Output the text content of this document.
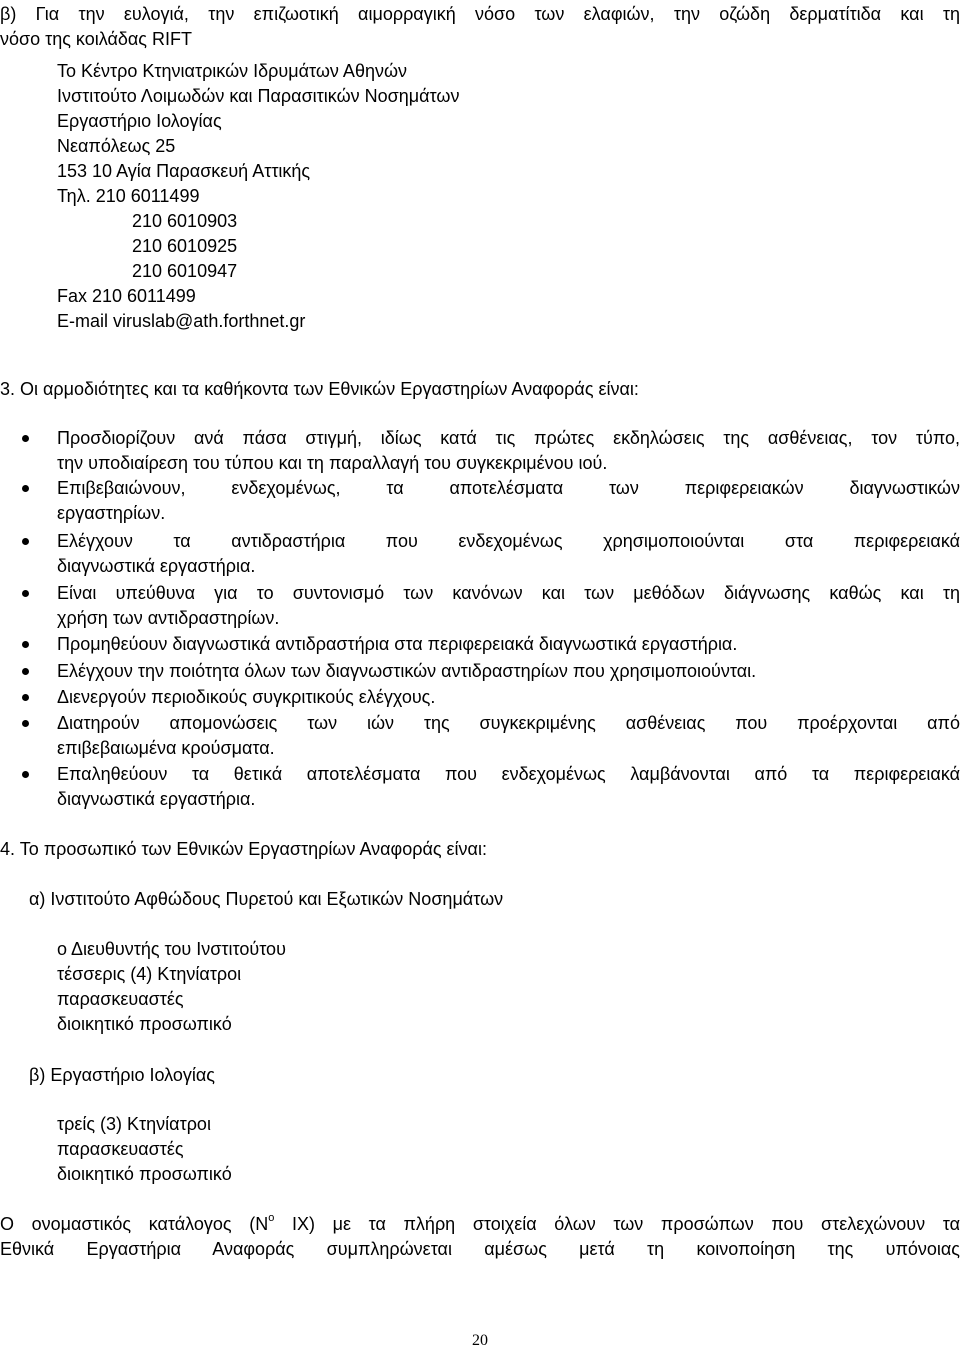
β) Για την ευλογιά, την επιζωοτική αιμορραγική νόσο των ελαφιών, την οζώδη δερματίτιδα και τη
νόσο της κοιλάδας RIFT
Το Κέντρο Κτηνιατρικών Ιδρυμάτων Αθηνών
Ινστιτούτο Λοιμωδών και Παρασιτικών Νοσημάτων
Εργαστήριο Ιολογίας
Νεαπόλεως 25
153 10 Αγία Παρασκευή Αττικής
Τηλ. 210 6011499
210 6010903
210 6010925
210 6010947
Fax 210 6011499
E-mail viruslab@ath.forthnet.gr
3. Οι αρμοδιότητες και τα καθήκοντα των Εθνικών Εργαστηρίων Αναφοράς είναι:
Προσδιορίζουν ανά πάσα στιγμή, ιδίως κατά τις πρώτες εκδηλώσεις της ασθένειας, τον τύπο,
την υποδιαίρεση του τύπου και τη παραλλαγή του συγκεκριμένου ιού.
Επιβεβαιώνουν, ενδεχομένως, τα αποτελέσματα των περιφερειακών διαγνωστικών
εργαστηρίων.
Ελέγχουν τα αντιδραστήρια που ενδεχομένως χρησιμοποιούνται στα περιφερειακά
διαγνωστικά εργαστήρια.
Είναι υπεύθυνα για το συντονισμό των κανόνων και των μεθόδων διάγνωσης καθώς και τη
χρήση των αντιδραστηρίων.
Προμηθεύουν διαγνωστικά αντιδραστήρια στα περιφερειακά διαγνωστικά εργαστήρια.
Ελέγχουν την ποιότητα όλων των διαγνωστικών αντιδραστηρίων που χρησιμοποιούνται.
Διενεργούν περιοδικούς συγκριτικούς ελέγχους.
Διατηρούν απομονώσεις των ιών της συγκεκριμένης ασθένειας που προέρχονται από
επιβεβαιωμένα κρούσματα.
Επαληθεύουν τα θετικά αποτελέσματα που ενδεχομένως λαμβάνονται από τα περιφερειακά
διαγνωστικά εργαστήρια.
4. Το προσωπικό των Εθνικών Εργαστηρίων Αναφοράς είναι:
α) Ινστιτούτο Αφθώδους Πυρετού και Εξωτικών Νοσημάτων
ο Διευθυντής του Ινστιτούτου
τέσσερις (4) Κτηνίατροι
παρασκευαστές
διοικητικό προσωπικό
β) Εργαστήριο Ιολογίας
τρείς (3) Κτηνίατροι
παρασκευαστές
διοικητικό προσωπικό
Ο ονομαστικός κατάλογος ($N^o$ ΙΧ) με τα πλήρη στοιχεία όλων των προσώπων που στελεχώνουν τα
Εθνικά Εργαστήρια Αναφοράς συμπληρώνεται αμέσως μετά τη κοινοποίηση της υπόνοιας
20
